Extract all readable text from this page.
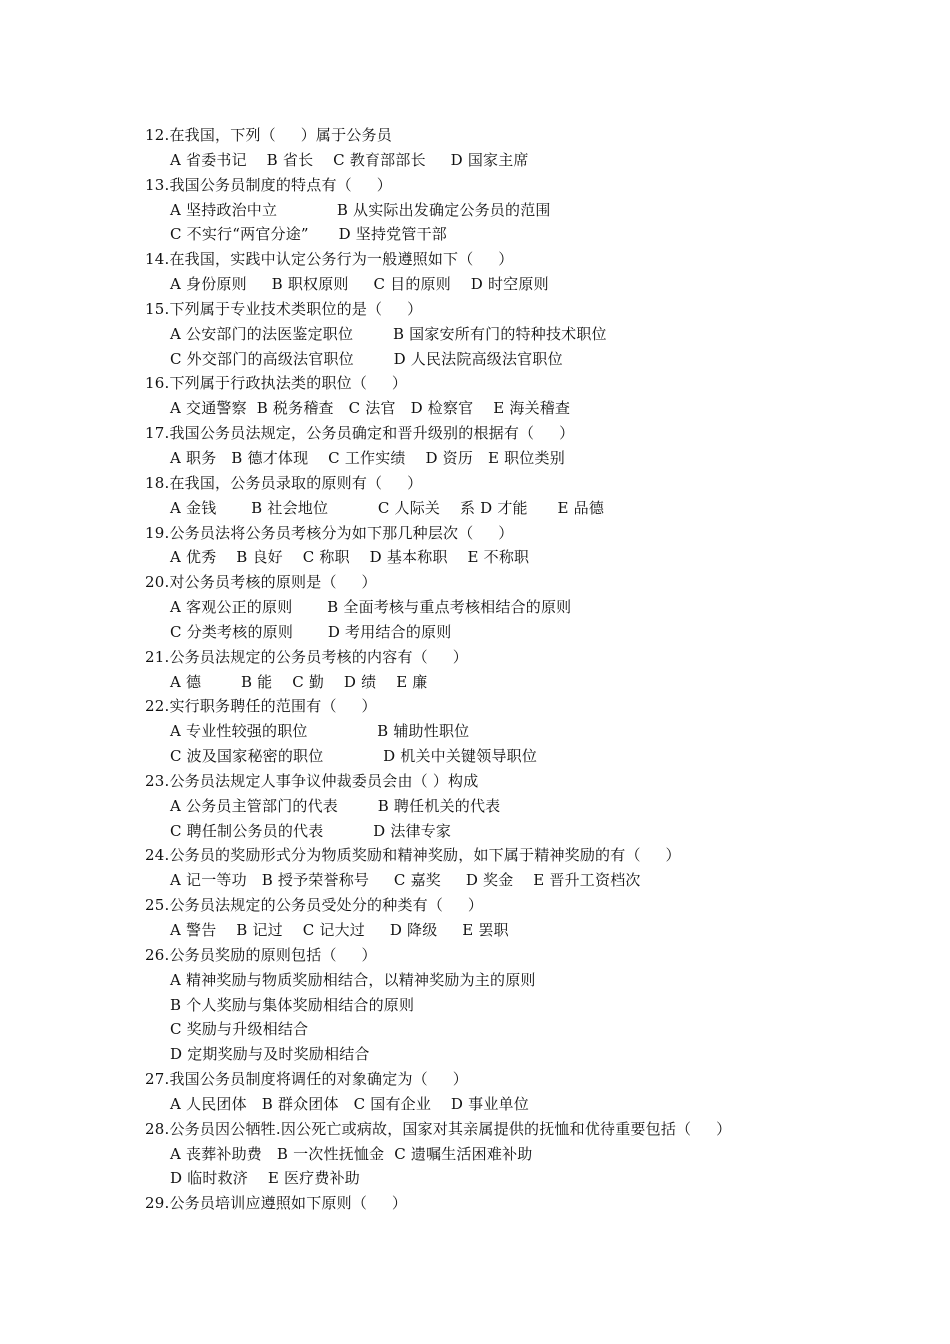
12.在我国，下列（     ）属于公务员
A 省委书记    B 省长    C 教育部部长     D 国家主席
13.我国公务员制度的特点有（     ）
A 坚持政治中立            B 从实际出发确定公务员的范围
C 不实行“两官分途”      D 坚持党管干部
14.在我国，实践中认定公务行为一般遵照如下（     ）
A 身份原则     B 职权原则     C 目的原则    D 时空原则
15.下列属于专业技术类职位的是（     ）
A 公安部门的法医鉴定职位        B 国家安所有门的特种技术职位
C 外交部门的高级法官职位        D 人民法院高级法官职位
16.下列属于行政执法类的职位（     ）
A 交通警察  B 税务稽查   C 法官   D 检察官    E 海关稽查
17.我国公务员法规定，公务员确定和晋升级别的根据有（     ）
A 职务   B 德才体现    C 工作实绩    D 资历   E 职位类别
18.在我国，公务员录取的原则有（     ）
A 金钱       B 社会地位          C 人际关    系 D 才能      E 品德
19.公务员法将公务员考核分为如下那几种层次（     ）
A 优秀    B 良好    C 称职    D 基本称职    E 不称职
20.对公务员考核的原则是（     ）
A 客观公正的原则       B 全面考核与重点考核相结合的原则
C 分类考核的原则       D 考用结合的原则
21.公务员法规定的公务员考核的内容有（     ）
A 德        B 能    C 勤    D 绩    E 廉
22.实行职务聘任的范围有（     ）
A 专业性较强的职位              B 辅助性职位
C 波及国家秘密的职位            D 机关中关键领导职位
23.公务员法规定人事争议仲裁委员会由（ ）构成
A 公务员主管部门的代表        B 聘任机关的代表
C 聘任制公务员的代表          D 法律专家
24.公务员的奖励形式分为物质奖励和精神奖励，如下属于精神奖励的有（     ）
A 记一等功   B 授予荣誉称号     C 嘉奖     D 奖金    E 晋升工资档次
25.公务员法规定的公务员受处分的种类有（     ）
A 警告    B 记过    C 记大过     D 降级     E 罢职
26.公务员奖励的原则包括（     ）
A 精神奖励与物质奖励相结合，以精神奖励为主的原则
B 个人奖励与集体奖励相结合的原则
C 奖励与升级相结合
D 定期奖励与及时奖励相结合
27.我国公务员制度将调任的对象确定为（     ）
A 人民团体   B 群众团体   C 国有企业    D 事业单位
28.公务员因公牺牲.因公死亡或病故，国家对其亲属提供的抚恤和优待重要包括（     ）
A 丧葬补助费   B 一次性抚恤金  C 遗嘱生活困难补助
D 临时救济    E 医疗费补助
29.公务员培训应遵照如下原则（     ）
